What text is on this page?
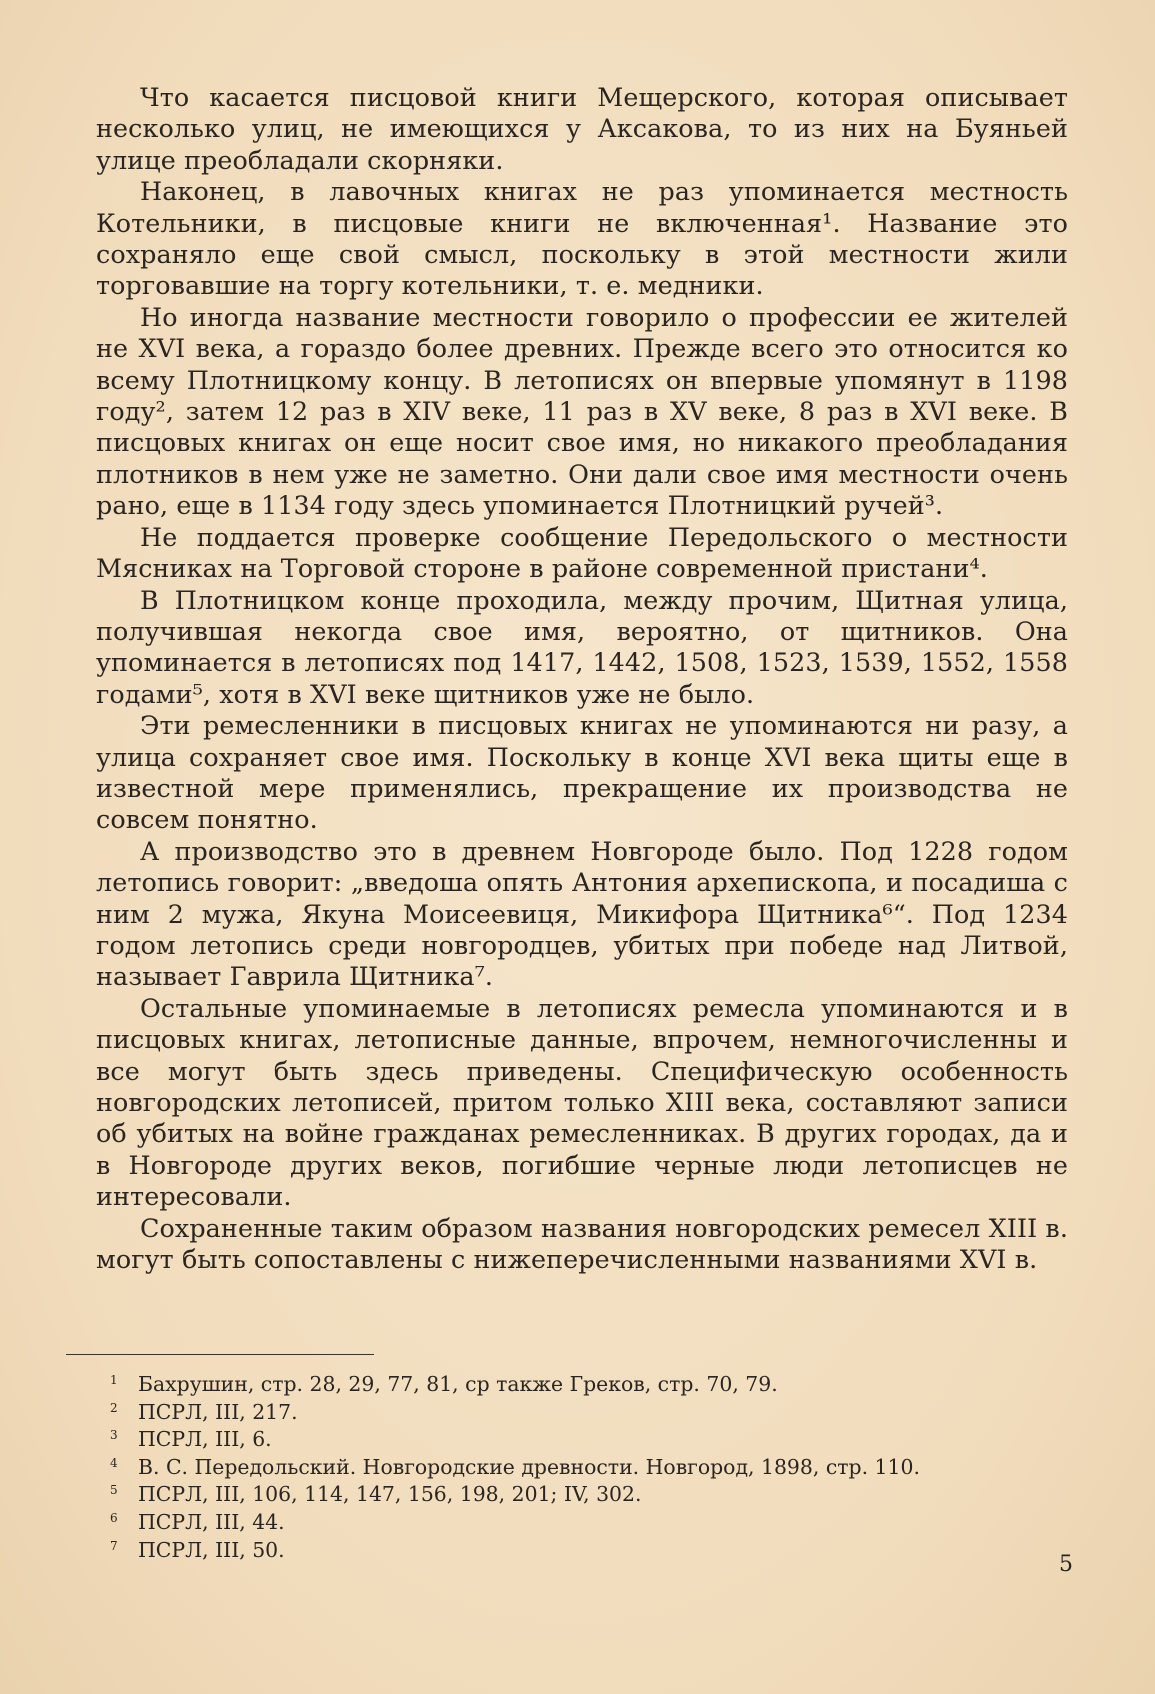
Что касается писцовой книги Мещерского, которая описывает несколько улиц, не имеющихся у Аксакова, то из них на Буяньей улице преобладали скорняки.

Наконец, в лавочных книгах не раз упоминается местность Котельники, в писцовые книги не включенная¹. Название это сохраняло еще свой смысл, поскольку в этой местности жили торговавшие на торгу котельники, т. е. медники.

Но иногда название местности говорило о профессии ее жителей не XVI века, а гораздо более древних. Прежде всего это относится ко всему Плотницкому концу. В летописях он впервые упомянут в 1198 году², затем 12 раз в XIV веке, 11 раз в XV веке, 8 раз в XVI веке. В писцовых книгах он еще носит свое имя, но никакого преобладания плотников в нем уже не заметно. Они дали свое имя местности очень рано, еще в 1134 году здесь упоминается Плотницкий ручей³.

Не поддается проверке сообщение Передольского о местности Мясниках на Торговой стороне в районе современной пристани⁴.

В Плотницком конце проходила, между прочим, Щитная улица, получившая некогда свое имя, вероятно, от щитников. Она упоминается в летописях под 1417, 1442, 1508, 1523, 1539, 1552, 1558 годами⁵, хотя в XVI веке щитников уже не было.

Эти ремесленники в писцовых книгах не упоминаются ни разу, а улица сохраняет свое имя. Поскольку в конце XVI века щиты еще в известной мере применялись, прекращение их производства не совсем понятно.

А производство это в древнем Новгороде было. Под 1228 годом летопись говорит: „введоша опять Антония архепископа, и посадиша с ним 2 мужа, Якуна Моисеевиця, Микифора Щитника⁶“. Под 1234 годом летопись среди новгородцев, убитых при победе над Литвой, называет Гаврила Щитника⁷.

Остальные упоминаемые в летописях ремесла упоминаются и в писцовых книгах, летописные данные, впрочем, немногочисленны и все могут быть здесь приведены. Специфическую особенность новгородских летописей, притом только XIII века, составляют записи об убитых на войне гражданах ремесленниках. В других городах, да и в Новгороде других веков, погибшие черные люди летописцев не интересовали.

Сохраненные таким образом названия новгородских ремесел XIII в. могут быть сопоставлены с нижеперечисленными названиями XVI в.

1 Бахрушин, стр. 28, 29, 77, 81, ср также Греков, стр. 70, 79.
2 ПСРЛ, III, 217.
3 ПСРЛ, III, 6.
4 В. С. Передольский. Новгородские древности. Новгород, 1898, стр. 110.
5 ПСРЛ, III, 106, 114, 147, 156, 198, 201; IV, 302.
6 ПСРЛ, III, 44.
7 ПСРЛ, III, 50.
5
